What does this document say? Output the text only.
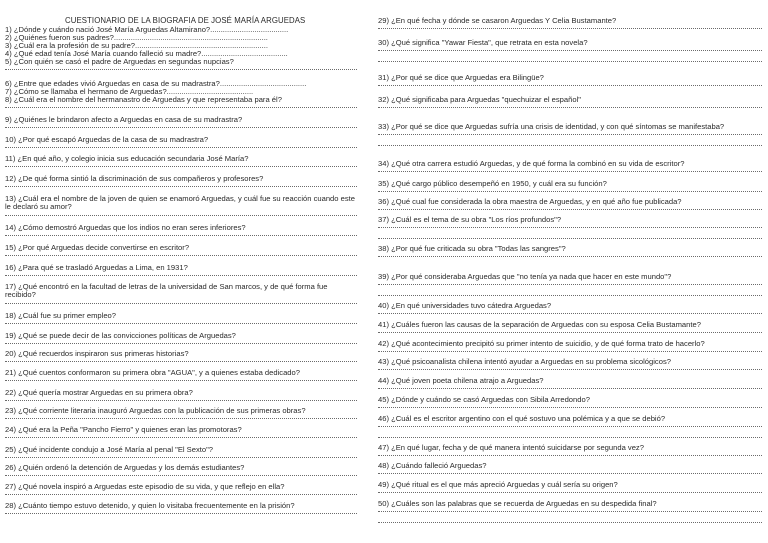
CUESTIONARIO DE LA BIOGRAFIA DE JOSÉ MARÍA ARGUEDAS
1) ¿Dónde y cuándo nació José María Arguedas Altamirano?.....................................
2) ¿Quiénes fueron sus padres?.........................................................................
3) ¿Cuál era la profesión de su padre?...............................................................
4) ¿Qué edad tenía José María cuando falleció su madre?.........................................
5) ¿Con quién se casó el padre de Arguedas en segundas nupcias?
6) ¿Entre que edades vivió Arguedas en casa de su madrastra?.........................................
7) ¿Cómo se llamaba el hermano de Arguedas?.........................................
8) ¿Cuál era el nombre del hermanastro de Arguedas y que representaba para él?
9) ¿Quiénes le brindaron afecto a Arguedas en casa de su madrastra?
10) ¿Por qué escapó Arguedas de la casa de su madrastra?
11) ¿En qué año, y colegio inicia sus educación secundaria José María?
12) ¿De qué forma sintió la discriminación de sus compañeros y profesores?
13) ¿Cuál era el nombre de la joven de quien se enamoró Arguedas, y cuál fue su reacción cuando este le declaró su amor?
14) ¿Cómo demostró Arguedas que los indios no eran seres inferiores?
15) ¿Por qué Arguedas decide convertirse en escritor?
16) ¿Para qué se trasladó Arguedas a Lima, en 1931?
17) ¿Qué encontró en la facultad de letras de la universidad de San marcos, y de qué forma fue recibido?
18) ¿Cuál fue su primer empleo?
19) ¿Qué se puede decir de las convicciones políticas de Arguedas?
20) ¿Qué recuerdos inspiraron sus primeras historias?
21) ¿Qué cuentos conformaron su primera obra "AGUA", y a quienes estaba dedicado?
22) ¿Qué quería mostrar Arguedas en su primera obra?
23) ¿Qué corriente literaria inauguró Arguedas con la publicación de sus primeras obras?
24) ¿Qué era la Peña "Pancho Fierro" y quienes eran las promotoras?
25) ¿Qué incidente condujo a José María al penal "El Sexto"?
26) ¿Quién ordenó la detención de Arguedas y los demás estudiantes?
27) ¿Qué novela inspiró a Arguedas este episodio de su vida, y que reflejo en ella?
28) ¿Cuánto tiempo estuvo detenido, y quien lo visitaba frecuentemente en la prisión?
29) ¿En qué fecha y dónde se casaron Arguedas Y Celia Bustamante?
30) ¿Qué significa "Yawar Fiesta", que retrata en esta novela?
31) ¿Por qué se dice que Arguedas era Bilingüe?
32) ¿Qué significaba para Arguedas "quechuizar el español"
33) ¿Por qué se dice que Arguedas sufría una crisis de identidad, y con qué síntomas se manifestaba?
34) ¿Qué otra carrera estudió Arguedas, y de qué forma la combinó en su vida de escritor?
35) ¿Qué cargo público desempeñó en 1950, y cuál era su función?
36) ¿Qué cual fue considerada la obra maestra de Arguedas, y en qué año fue publicada?
37) ¿Cuál es el tema de su obra "Los ríos profundos"?
38) ¿Por qué fue criticada su obra "Todas las sangres"?
39) ¿Por qué consideraba Arguedas que "no tenía ya nada que hacer en este mundo"?
40) ¿En qué universidades tuvo cátedra Arguedas?
41) ¿Cuáles fueron las causas de la separación de Arguedas con su esposa Celia Bustamante?
42) ¿Qué acontecimiento precipitó su primer intento de suicidio, y de qué forma trato de hacerlo?
43) ¿Qué psicoanalista chilena intentó ayudar a Arguedas en su problema sicológicos?
44) ¿Qué joven poeta chilena atrajo a Arguedas?
45) ¿Dónde y cuándo se casó Arguedas con Sibila Arredondo?
46) ¿Cuál es el escritor argentino con el qué sostuvo una polémica y a que se debió?
47) ¿En qué lugar, fecha y de qué manera intentó suicidarse por segunda vez?
48) ¿Cuándo falleció Arguedas?
49) ¿Qué ritual es el que más apreció Arguedas y cuál sería su origen?
50) ¿Cuáles son las palabras que se recuerda de Arguedas en su despedida final?
